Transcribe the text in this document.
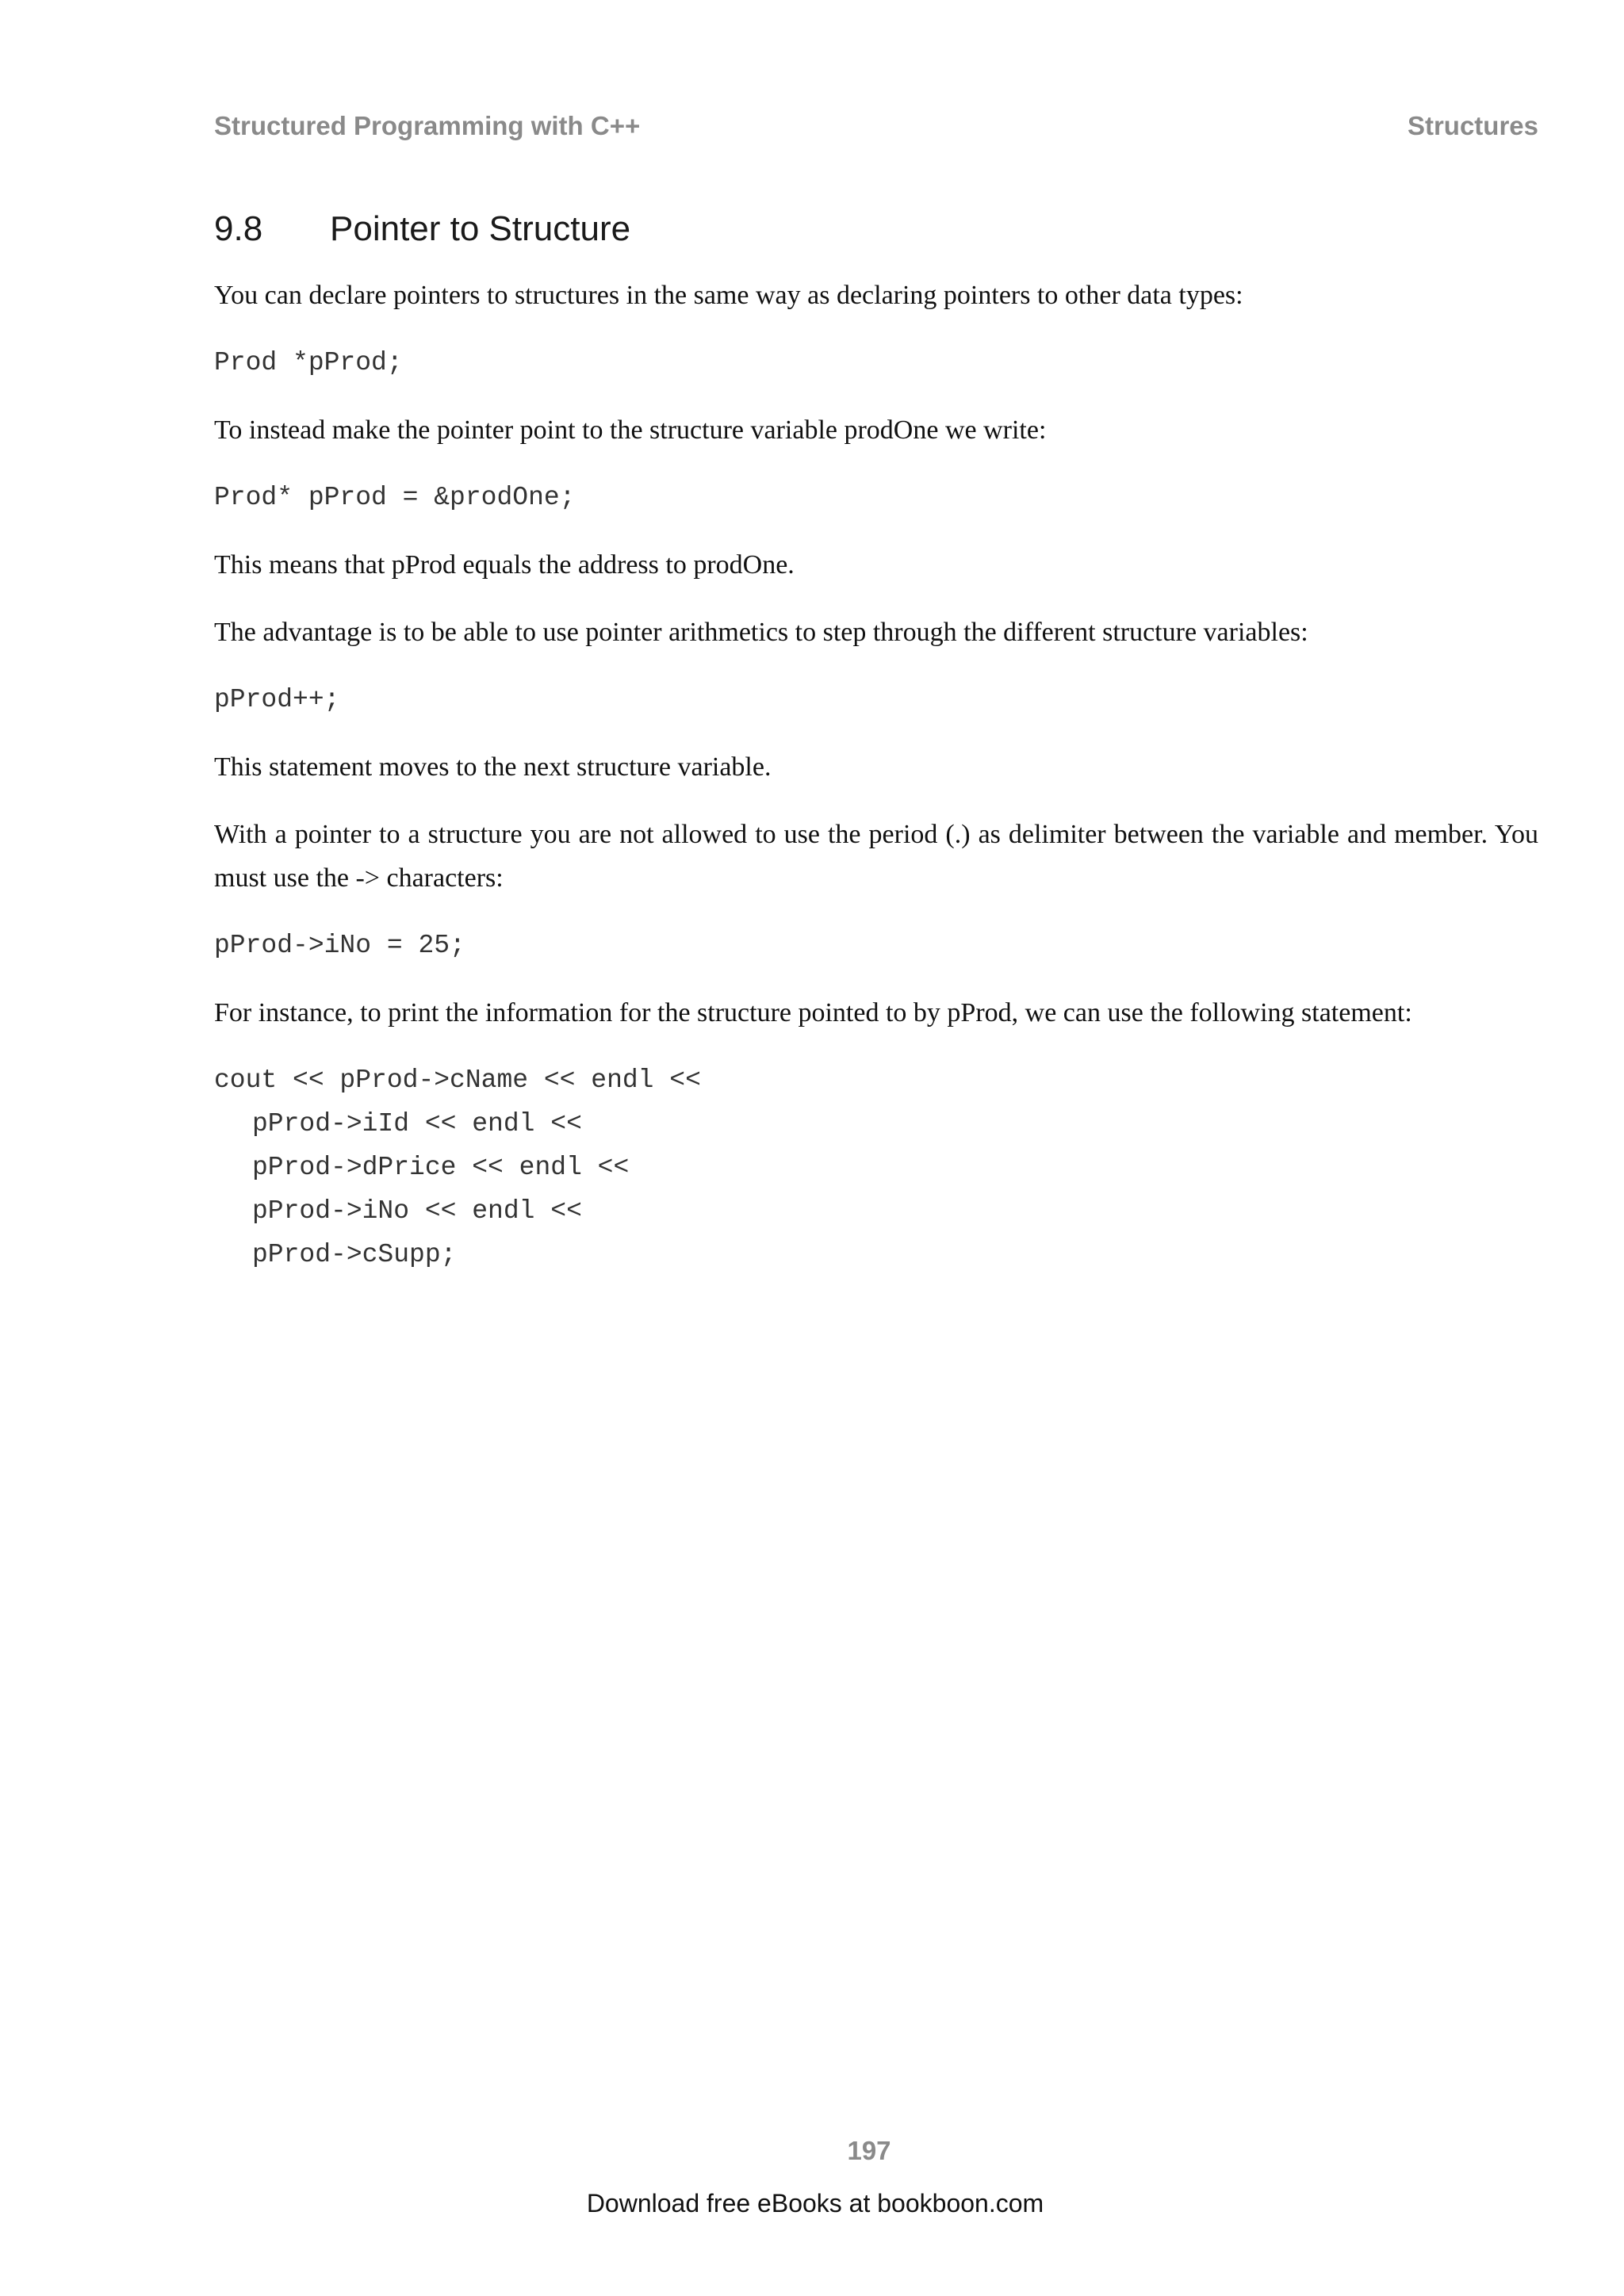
Structured Programming with C++	Structures
9.8 Pointer to Structure

You can declare pointers to structures in the same way as declaring pointers to other data types:

Prod *pProd;

To instead make the pointer point to the structure variable prodOne we write:

Prod* pProd = &prodOne;

This means that pProd equals the address to prodOne.

The advantage is to be able to use pointer arithmetics to step through the different structure variables:

pProd++;

This statement moves to the next structure variable.

With a pointer to a structure you are not allowed to use the period (.) as delimiter between the variable and member. You must use the -> characters:

pProd->iNo = 25;

For instance, to print the information for the structure pointed to by pProd, we can use the following statement:

cout << pProd->cName << endl <<
pProd->iId << endl <<
pProd->dPrice << endl <<
pProd->iNo << endl <<
pProd->cSupp;
197
Download free eBooks at bookboon.com
